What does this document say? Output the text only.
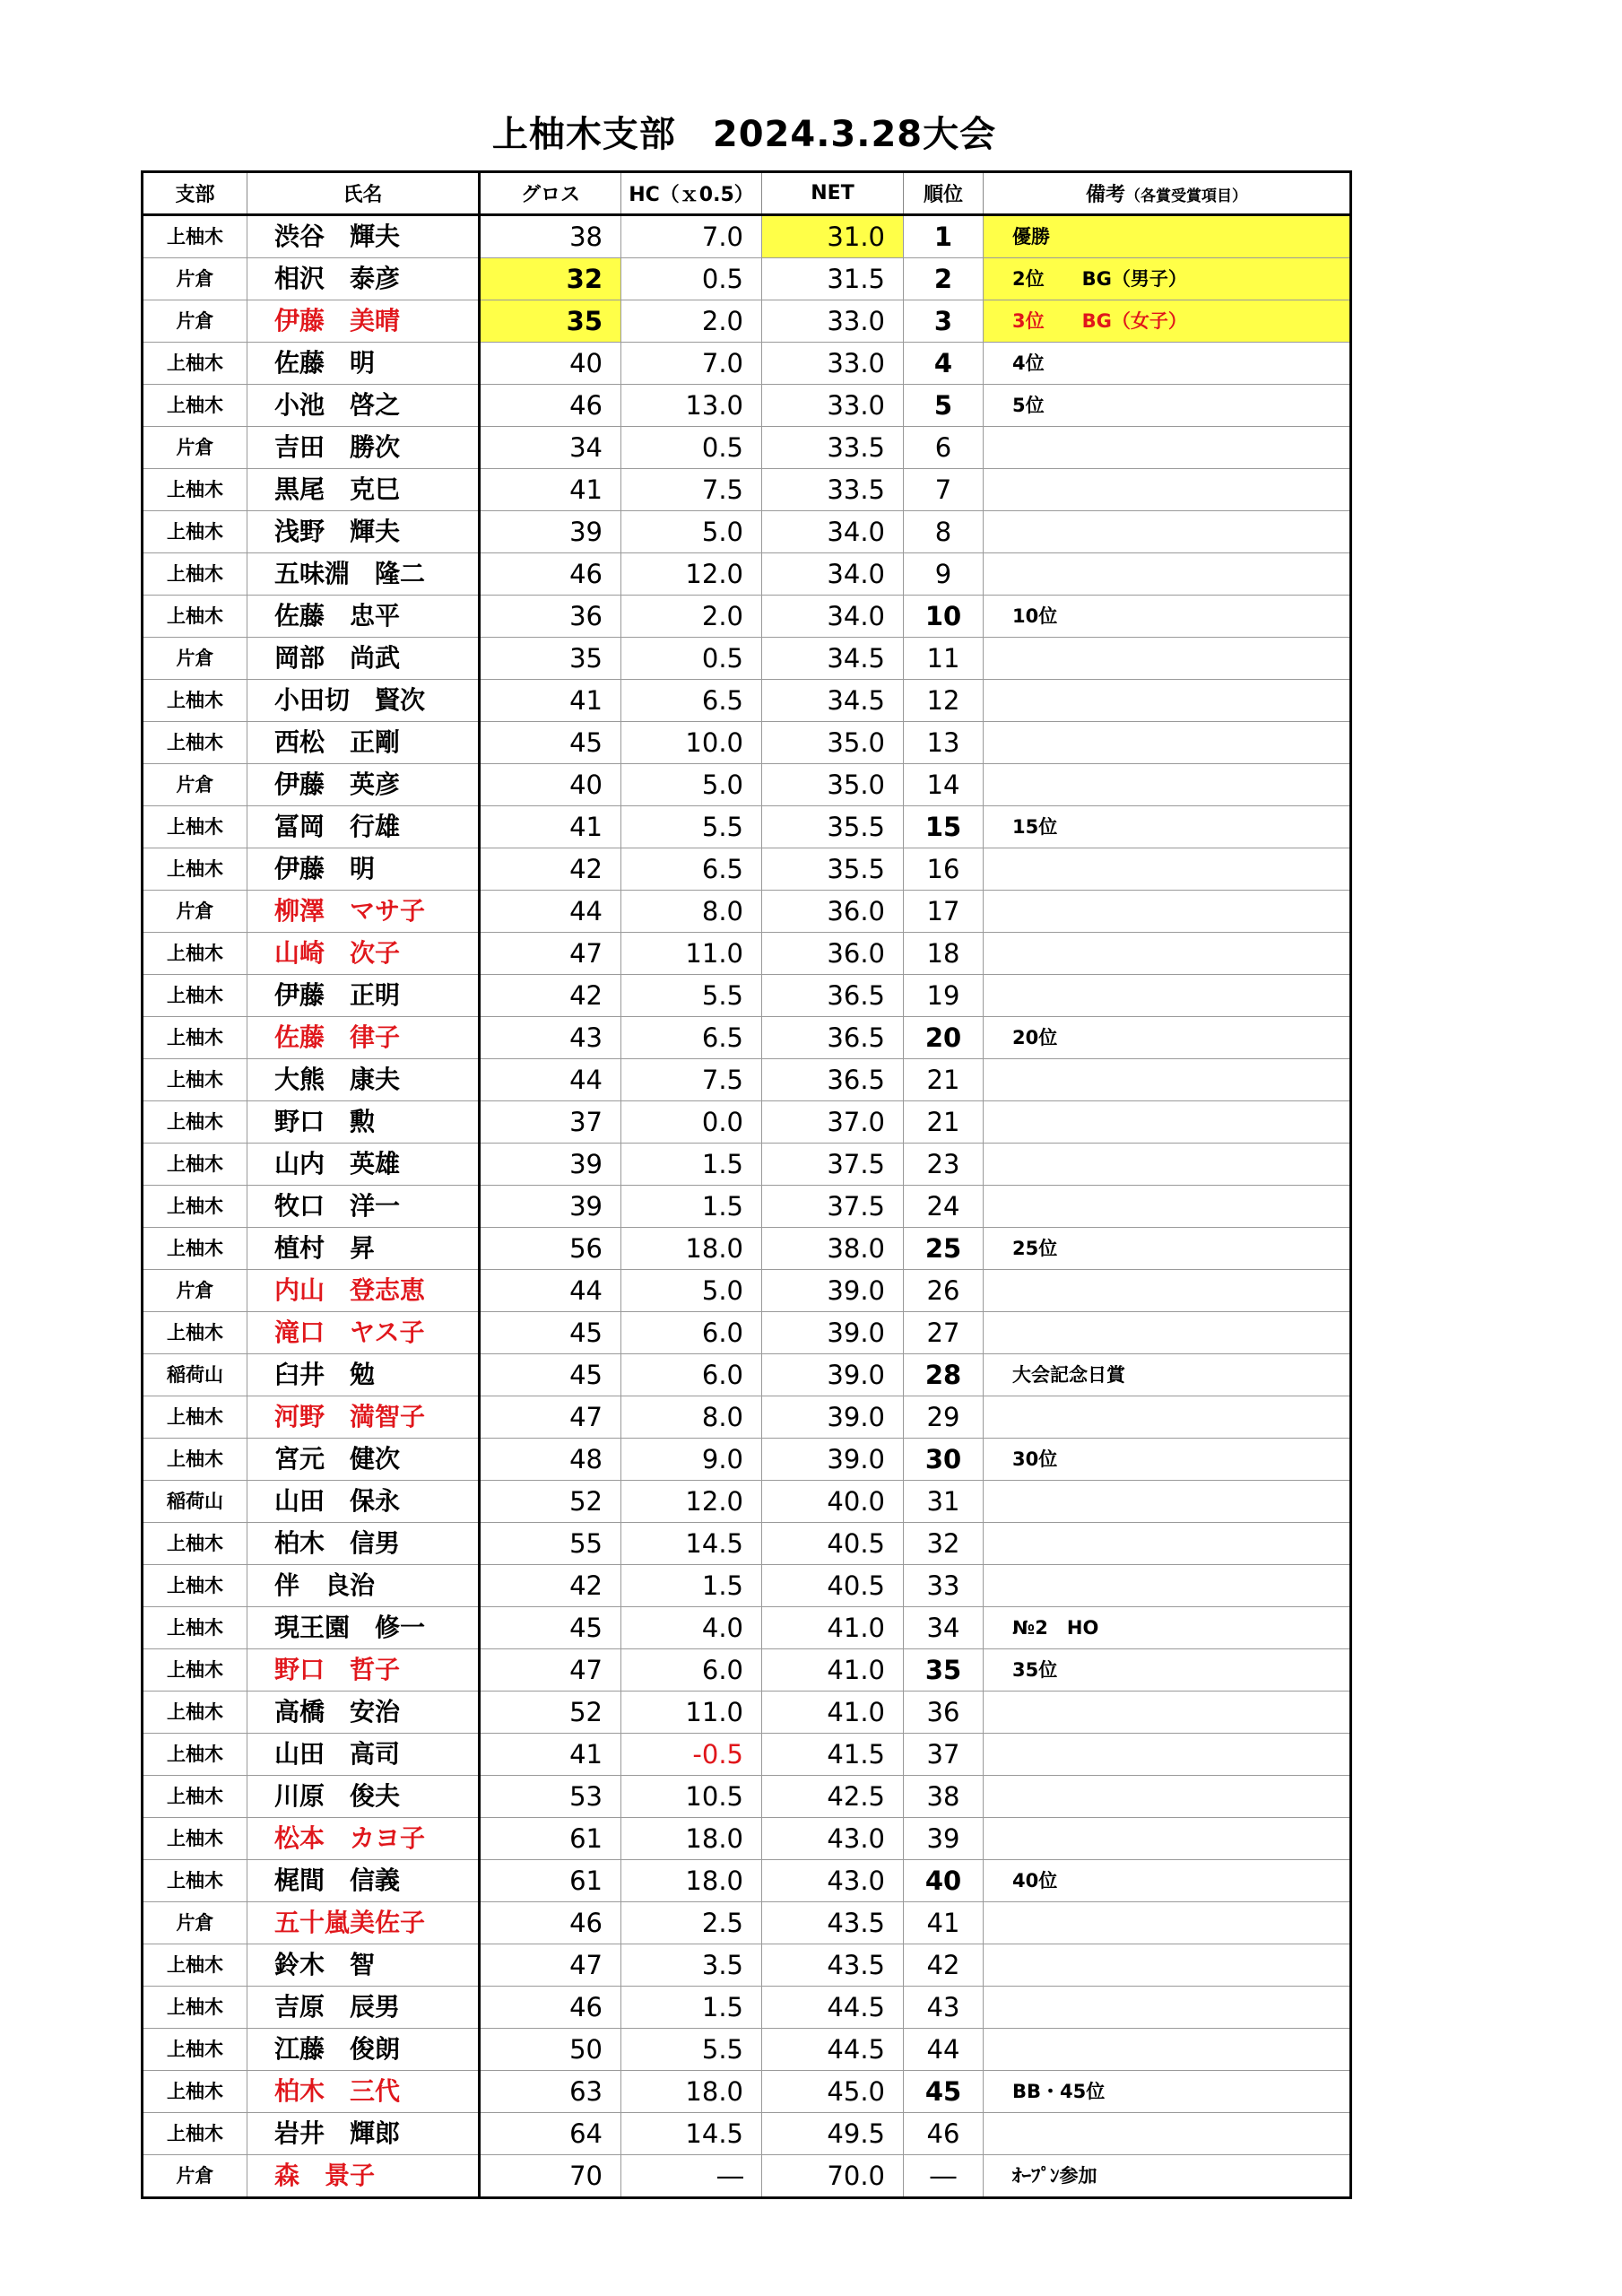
上柚木支部　2024.3.28大会
支部	氏名	グロス	HC（ｘ0.5）	NET	順位	備考（各賞受賞項目）
上柚木	渋谷　輝夫	38	7.0	31.0	1	優勝
片倉	相沢　泰彦	32	0.5	31.5	2	2位　　BG（男子）
片倉	伊藤　美晴	35	2.0	33.0	3	3位　　BG（女子）
上柚木	佐藤　明	40	7.0	33.0	4	4位
上柚木	小池　啓之	46	13.0	33.0	5	5位
片倉	吉田　勝次	34	0.5	33.5	6	
上柚木	黒尾　克巳	41	7.5	33.5	7	
上柚木	浅野　輝夫	39	5.0	34.0	8	
上柚木	五味淵　隆二	46	12.0	34.0	9	
上柚木	佐藤　忠平	36	2.0	34.0	10	10位
片倉	岡部　尚武	35	0.5	34.5	11	
上柚木	小田切　賢次	41	6.5	34.5	12	
上柚木	西松　正剛	45	10.0	35.0	13	
片倉	伊藤　英彦	40	5.0	35.0	14	
上柚木	冨岡　行雄	41	5.5	35.5	15	15位
上柚木	伊藤　明	42	6.5	35.5	16	
片倉	柳澤　マサ子	44	8.0	36.0	17	
上柚木	山崎　次子	47	11.0	36.0	18	
上柚木	伊藤　正明	42	5.5	36.5	19	
上柚木	佐藤　律子	43	6.5	36.5	20	20位
上柚木	大熊　康夫	44	7.5	36.5	21	
上柚木	野口　勲	37	0.0	37.0	21	
上柚木	山内　英雄	39	1.5	37.5	23	
上柚木	牧口　洋一	39	1.5	37.5	24	
上柚木	植村　昇	56	18.0	38.0	25	25位
片倉	内山　登志恵	44	5.0	39.0	26	
上柚木	滝口　ヤス子	45	6.0	39.0	27	
稲荷山	臼井　勉	45	6.0	39.0	28	大会記念日賞
上柚木	河野　満智子	47	8.0	39.0	29	
上柚木	宮元　健次	48	9.0	39.0	30	30位
稲荷山	山田　保永	52	12.0	40.0	31	
上柚木	柏木　信男	55	14.5	40.5	32	
上柚木	伴　良治	42	1.5	40.5	33	
上柚木	現王園　修一	45	4.0	41.0	34	№2　HO
上柚木	野口　哲子	47	6.0	41.0	35	35位
上柚木	高橋　安治	52	11.0	41.0	36	
上柚木	山田　高司	41	-0.5	41.5	37	
上柚木	川原　俊夫	53	10.5	42.5	38	
上柚木	松本　カヨ子	61	18.0	43.0	39	
上柚木	梶間　信義	61	18.0	43.0	40	40位
片倉	五十嵐美佐子	46	2.5	43.5	41	
上柚木	鈴木　智	47	3.5	43.5	42	
上柚木	吉原　辰男	46	1.5	44.5	43	
上柚木	江藤　俊朗	50	5.5	44.5	44	
上柚木	柏木　三代	63	18.0	45.0	45	BB・45位
上柚木	岩井　輝郎	64	14.5	49.5	46	
片倉	森　景子	70	―	70.0	―	ｵｰﾌﾟﾝ参加
